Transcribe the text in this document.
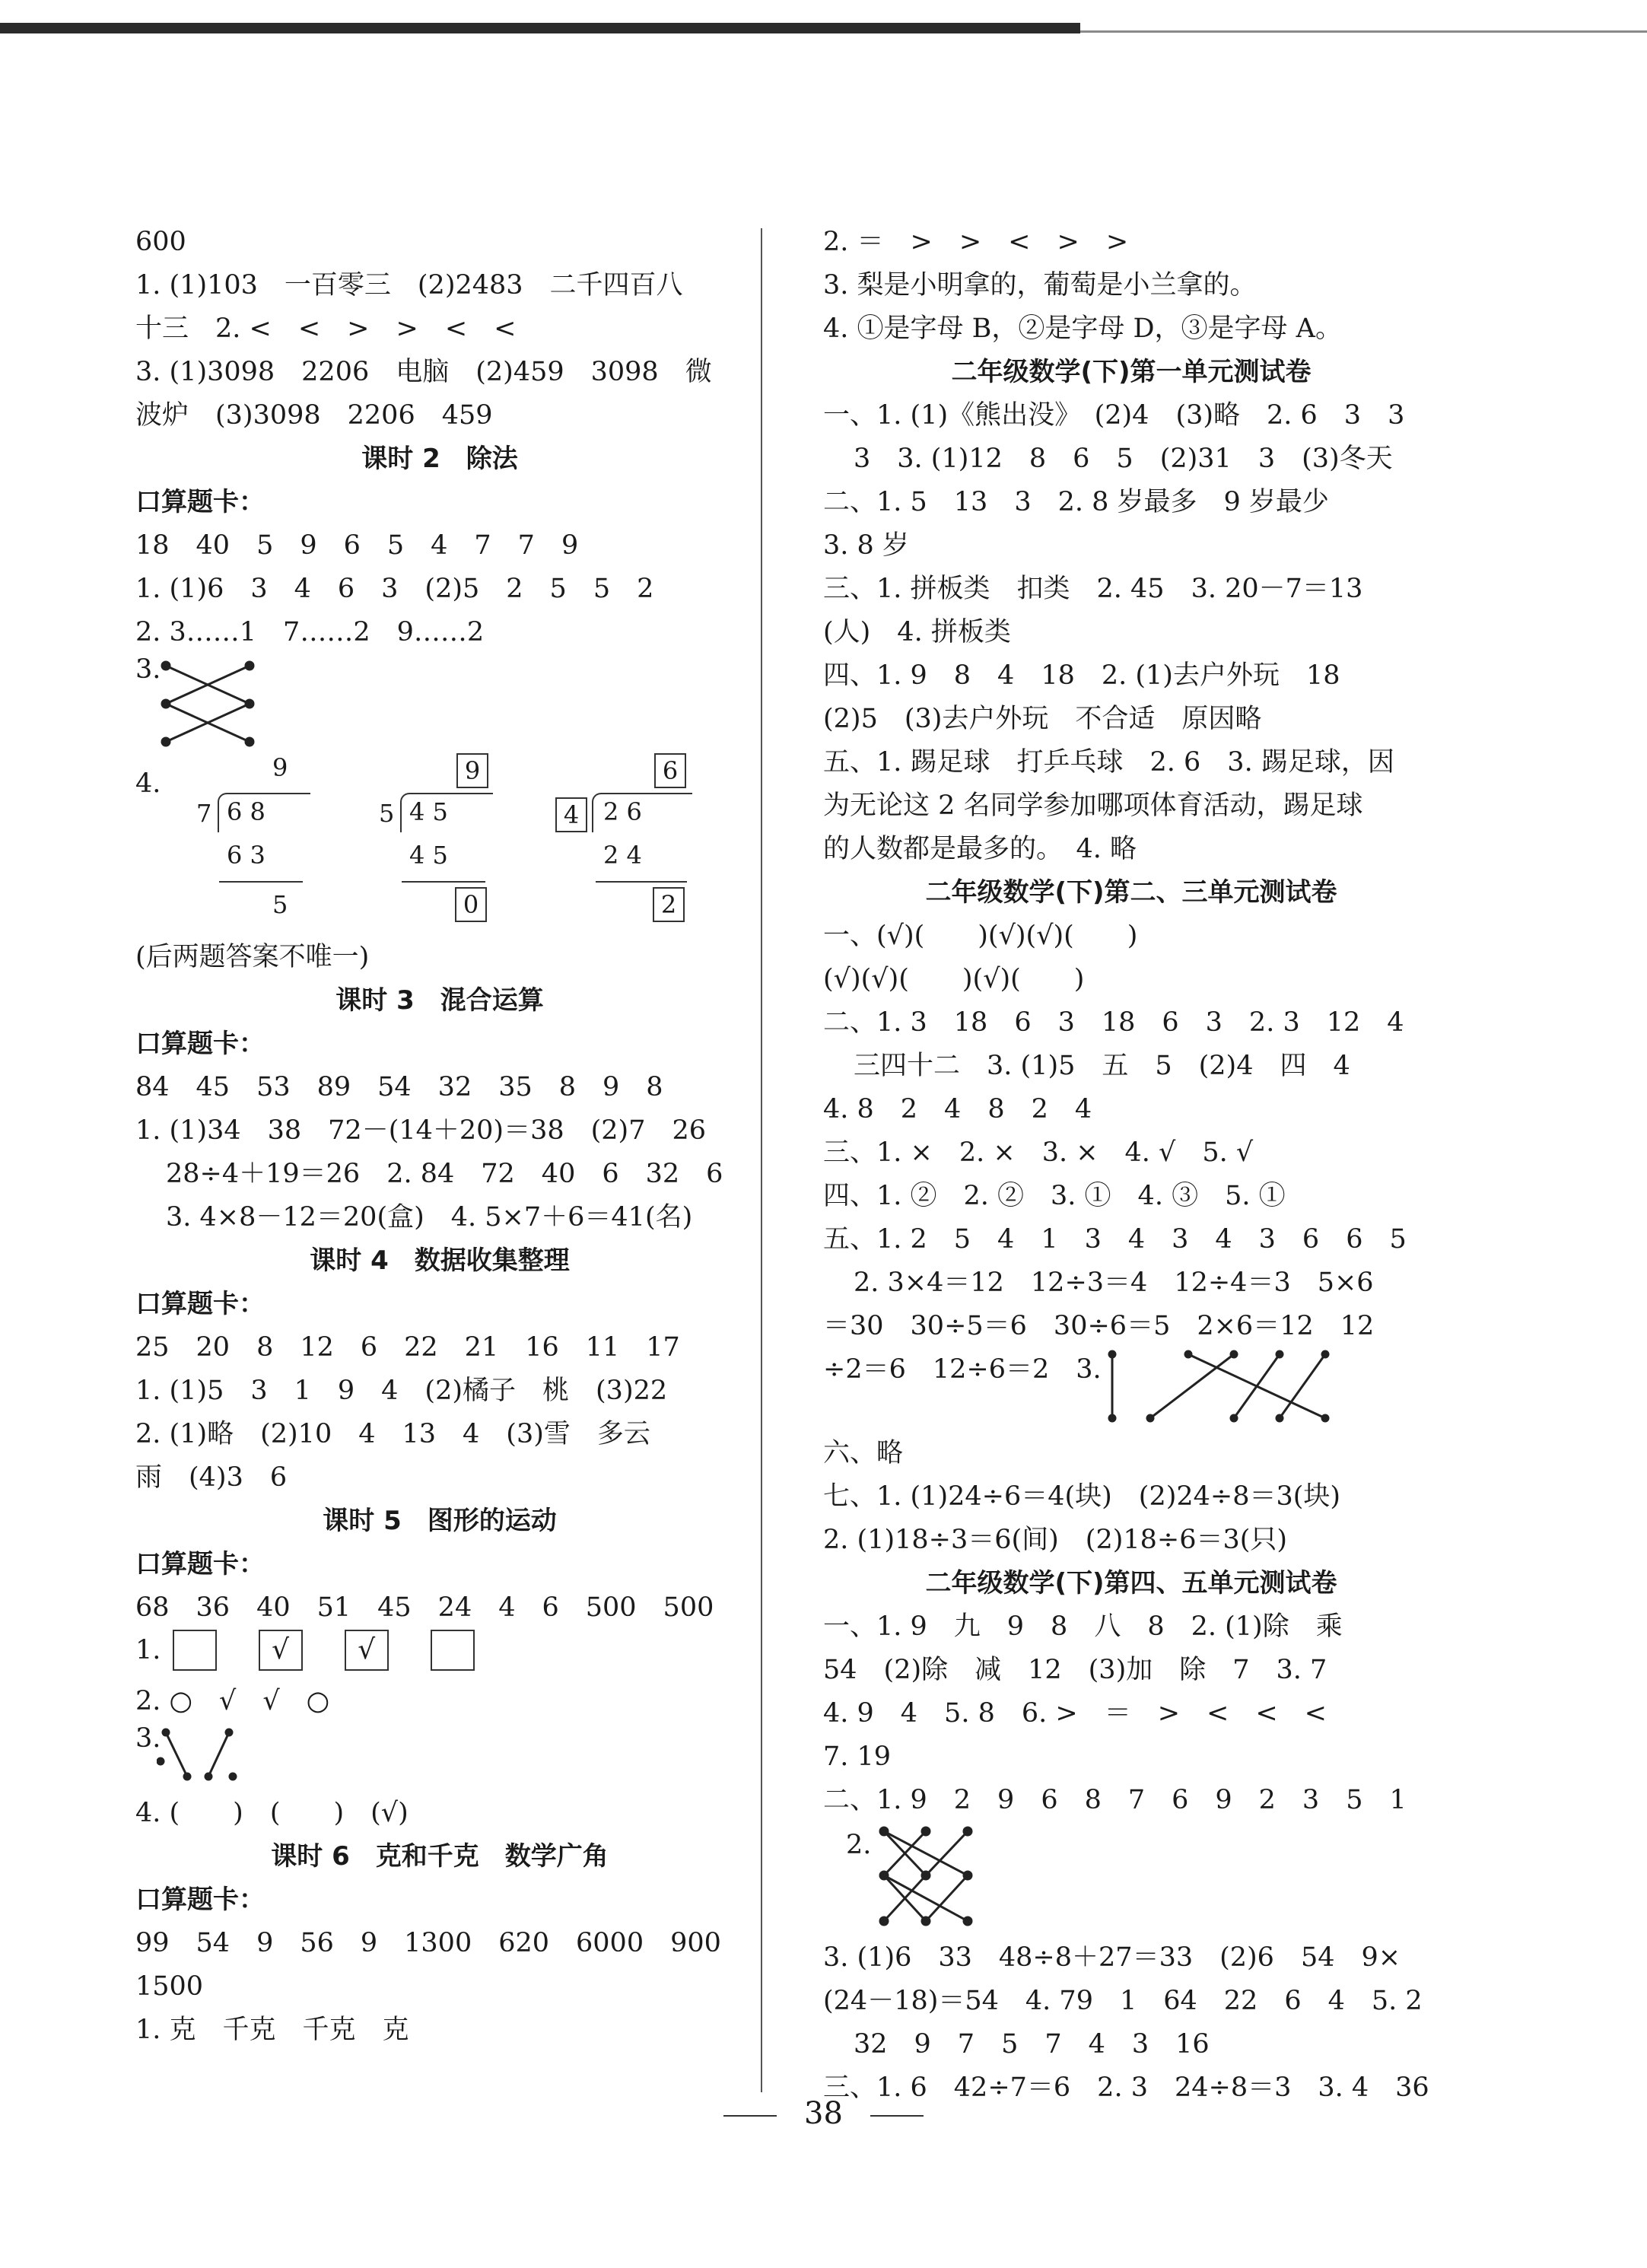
600
1. (1)103　一百零三　(2)2483　二千四百八
十三　2. <　<　>　>　<　<
3. (1)3098　2206　电脑　(2)459　3098　微
波炉　(3)3098　2206　459
课时 2　除法
口算题卡：
18　40　5　9　6　5　4　7　7　9
1. (1)6　3　4　6　3　(2)5　2　5　5　2
2. 3……1　7……2　9……2
3.
4.
9
7 6 8
6 3
5
9
5 4 5
4 5
0
6
4 2 6
2 4
2
(后两题答案不唯一)
课时 3　混合运算
口算题卡：
84　45　53　89　54　32　35　8　9　8
1. (1)34　38　72－(14＋20)＝38　(2)7　26
28÷4＋19＝26　2. 84　72　40　6　32　6
3. 4×8－12＝20(盒)　4. 5×7＋6＝41(名)
课时 4　数据收集整理
口算题卡：
25　20　8　12　6　22　21　16　11　17
1. (1)5　3　1　9　4　(2)橘子　桃　(3)22
2. (1)略　(2)10　4　13　4　(3)雪　多云
雨　(4)3　6
课时 5　图形的运动
口算题卡：
68　36　40　51　45　24　4　6　500　500
1.	√	√
2. ○　√　√　○
3.
4. (　　)　(　　)　(√)
课时 6　克和千克　数学广角
口算题卡：
99　54　9　56　9　1300　620　6000　900
1500
1. 克　千克　千克　克
2. ＝　>　>　<　>　>
3. 梨是小明拿的，葡萄是小兰拿的。
4. ①是字母 B，②是字母 D，③是字母 A。
二年级数学(下)第一单元测试卷
一、1. (1)《熊出没》　(2)4　(3)略　2. 6　3　3
3　3. (1)12　8　6　5　(2)31　3　(3)冬天
二、1. 5　13　3　2. 8 岁最多　9 岁最少
3. 8 岁
三、1. 拼板类　扣类　2. 45　3. 20－7＝13
(人)　4. 拼板类
四、1. 9　8　4　18　2. (1)去户外玩　18
(2)5　(3)去户外玩　不合适　原因略
五、1. 踢足球　打乒乓球　2. 6　3. 踢足球，因
为无论这 2 名同学参加哪项体育活动，踢足球
的人数都是最多的。　4. 略
二年级数学(下)第二、三单元测试卷
一、(√)(　　)(√)(√)(　　)
(√)(√)(　　)(√)(　　)
二、1. 3　18　6　3　18　6　3　2. 3　12　4
三四十二　3. (1)5　五　5　(2)4　四　4
4. 8　2　4　8　2　4
三、1. ×　2. ×　3. ×　4. √　5. √
四、1. ②　2. ②　3. ①　4. ③　5. ①
五、1. 2　5　4　1　3　4　3　4　3　6　6　5
2. 3×4＝12　12÷3＝4　12÷4＝3　5×6
＝30　30÷5＝6　30÷6＝5　2×6＝12　12
÷2＝6　12÷6＝2　3.
六、略
七、1. (1)24÷6＝4(块)　(2)24÷8＝3(块)
2. (1)18÷3＝6(间)　(2)18÷6＝3(只)
二年级数学(下)第四、五单元测试卷
一、1. 9　九　9　8　八　8　2. (1)除　乘
54　(2)除　减　12　(3)加　除　7　3. 7
4. 9　4　5. 8　6. >　＝　>　<　<　<
7. 19
二、1. 9　2　9　6　8　7　6　9　2　3　5　1
2.
3. (1)6　33　48÷8＋27＝33　(2)6　54　9×
(24－18)＝54　4. 79　1　64　22　6　4　5. 2
32　9　7　5　7　4　3　16
三、1. 6　42÷7＝6　2. 3　24÷8＝3　3. 4　36
38
